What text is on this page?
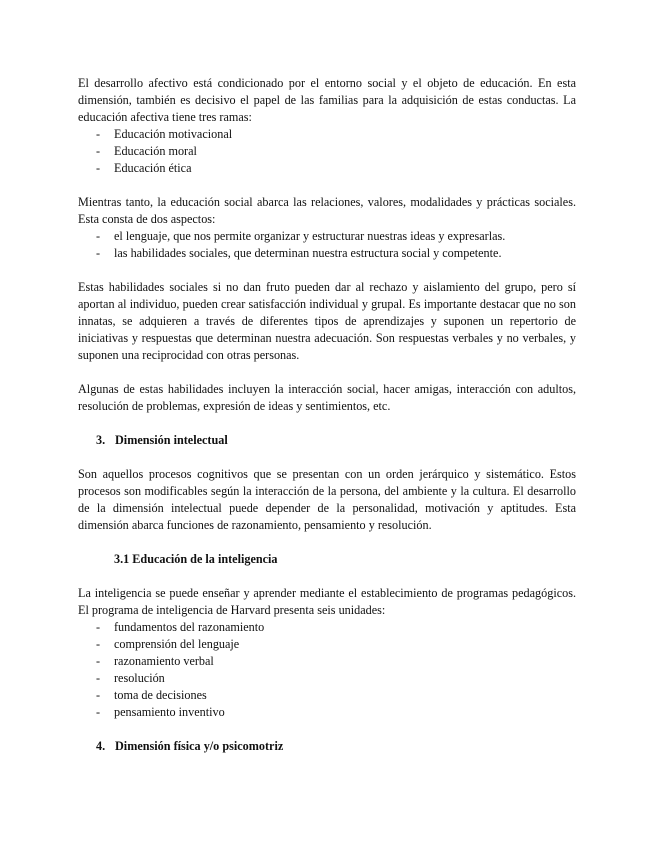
El desarrollo afectivo está condicionado por el entorno social y el objeto de educación. En esta dimensión, también es decisivo el papel de las familias para la adquisición de estas conductas. La educación afectiva tiene tres ramas:

- Educación motivacional
- Educación moral
- Educación ética

Mientras tanto, la educación social abarca las relaciones, valores, modalidades y prácticas sociales. Esta consta de dos aspectos:

- el lenguaje, que nos permite organizar y estructurar nuestras ideas y expresarlas.
- las habilidades sociales, que determinan nuestra estructura social y competente.

Estas habilidades sociales si no dan fruto pueden dar al rechazo y aislamiento del grupo, pero sí aportan al individuo, pueden crear satisfacción individual y grupal. Es importante destacar que no son innatas, se adquieren a través de diferentes tipos de aprendizajes y suponen un repertorio de iniciativas y respuestas que determinan nuestra adecuación. Son respuestas verbales y no verbales, y suponen una reciprocidad con otras personas.

Algunas de estas habilidades incluyen la interacción social, hacer amigas, interacción con adultos, resolución de problemas, expresión de ideas y sentimientos, etc.

3. Dimensión intelectual

Son aquellos procesos cognitivos que se presentan con un orden jerárquico y sistemático. Estos procesos son modificables según la interacción de la persona, del ambiente y la cultura. El desarrollo de la dimensión intelectual puede depender de la personalidad, motivación y aptitudes. Esta dimensión abarca funciones de razonamiento, pensamiento y resolución.

3.1 Educación de la inteligencia

La inteligencia se puede enseñar y aprender mediante el establecimiento de programas pedagógicos. El programa de inteligencia de Harvard presenta seis unidades:

- fundamentos del razonamiento
- comprensión del lenguaje
- razonamiento verbal
- resolución
- toma de decisiones
- pensamiento inventivo
4. Dimensión física y/o psicomotriz
